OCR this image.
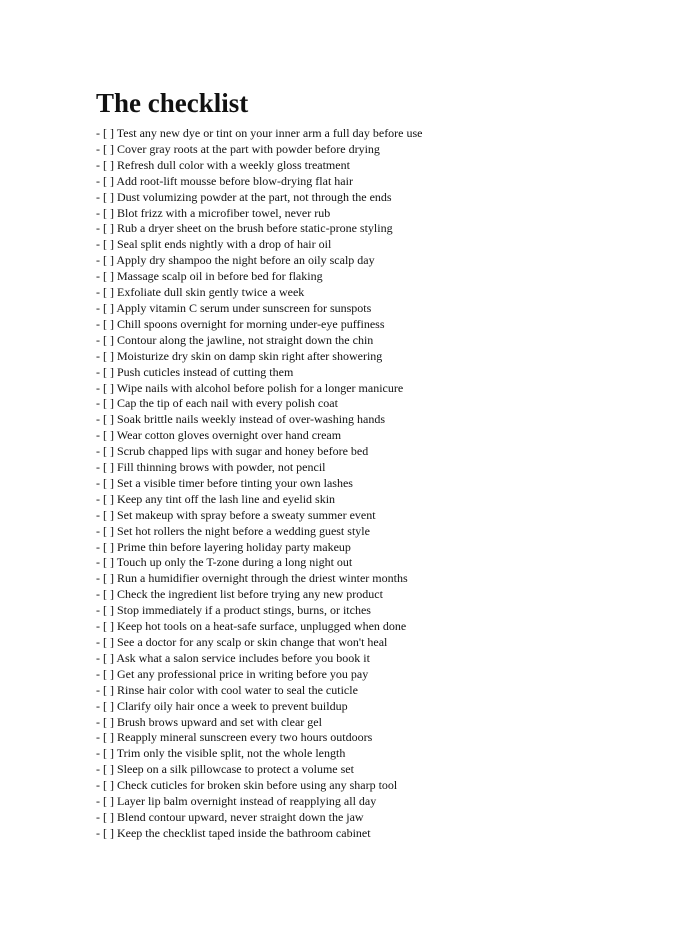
The checklist
- [ ] Test any new dye or tint on your inner arm a full day before use
- [ ] Cover gray roots at the part with powder before drying
- [ ] Refresh dull color with a weekly gloss treatment
- [ ] Add root-lift mousse before blow-drying flat hair
- [ ] Dust volumizing powder at the part, not through the ends
- [ ] Blot frizz with a microfiber towel, never rub
- [ ] Rub a dryer sheet on the brush before static-prone styling
- [ ] Seal split ends nightly with a drop of hair oil
- [ ] Apply dry shampoo the night before an oily scalp day
- [ ] Massage scalp oil in before bed for flaking
- [ ] Exfoliate dull skin gently twice a week
- [ ] Apply vitamin C serum under sunscreen for sunspots
- [ ] Chill spoons overnight for morning under-eye puffiness
- [ ] Contour along the jawline, not straight down the chin
- [ ] Moisturize dry skin on damp skin right after showering
- [ ] Push cuticles instead of cutting them
- [ ] Wipe nails with alcohol before polish for a longer manicure
- [ ] Cap the tip of each nail with every polish coat
- [ ] Soak brittle nails weekly instead of over-washing hands
- [ ] Wear cotton gloves overnight over hand cream
- [ ] Scrub chapped lips with sugar and honey before bed
- [ ] Fill thinning brows with powder, not pencil
- [ ] Set a visible timer before tinting your own lashes
- [ ] Keep any tint off the lash line and eyelid skin
- [ ] Set makeup with spray before a sweaty summer event
- [ ] Set hot rollers the night before a wedding guest style
- [ ] Prime thin before layering holiday party makeup
- [ ] Touch up only the T-zone during a long night out
- [ ] Run a humidifier overnight through the driest winter months
- [ ] Check the ingredient list before trying any new product
- [ ] Stop immediately if a product stings, burns, or itches
- [ ] Keep hot tools on a heat-safe surface, unplugged when done
- [ ] See a doctor for any scalp or skin change that won't heal
- [ ] Ask what a salon service includes before you book it
- [ ] Get any professional price in writing before you pay
- [ ] Rinse hair color with cool water to seal the cuticle
- [ ] Clarify oily hair once a week to prevent buildup
- [ ] Brush brows upward and set with clear gel
- [ ] Reapply mineral sunscreen every two hours outdoors
- [ ] Trim only the visible split, not the whole length
- [ ] Sleep on a silk pillowcase to protect a volume set
- [ ] Check cuticles for broken skin before using any sharp tool
- [ ] Layer lip balm overnight instead of reapplying all day
- [ ] Blend contour upward, never straight down the jaw
- [ ] Keep the checklist taped inside the bathroom cabinet
